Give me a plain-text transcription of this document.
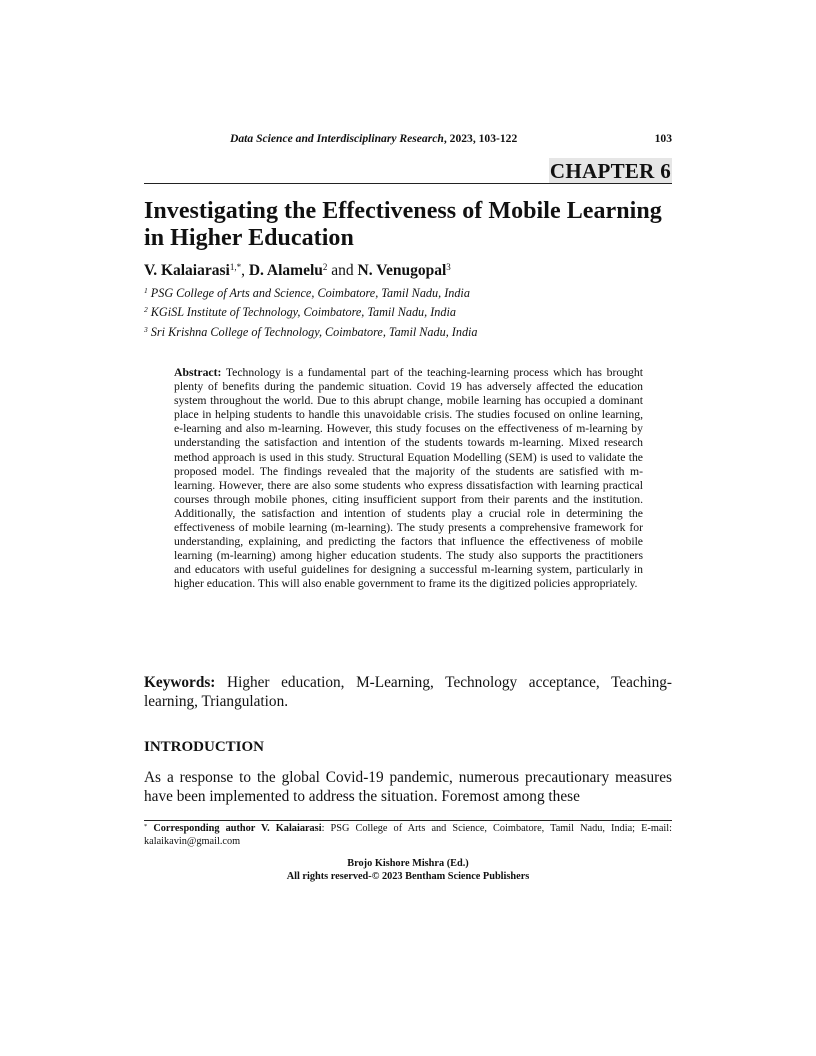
Data Science and Interdisciplinary Research, 2023, 103-122	103
CHAPTER 6
Investigating the Effectiveness of Mobile Learning
in Higher Education
V. Kalaiarasi$^{1,*}$, D. Alamelu$^2$ and N. Venugopal$^3$
$^1$ PSG College of Arts and Science, Coimbatore, Tamil Nadu, India
$^2$ KGiSL Institute of Technology, Coimbatore, Tamil Nadu, India
$^3$ Sri Krishna College of Technology, Coimbatore, Tamil Nadu, India
Abstract: Technology is a fundamental part of the teaching-learning process which has brought plenty of benefits during the pandemic situation. Covid 19 has adversely affected the education system throughout the world. Due to this abrupt change, mobile learning has occupied a dominant place in helping students to handle this unavoidable crisis. The studies focused on online learning, e-learning and also m-learning. However, this study focuses on the effectiveness of m-learning by understanding the satisfaction and intention of the students towards m-learning. Mixed research method approach is used in this study. Structural Equation Modelling (SEM) is used to validate the proposed model. The findings revealed that the majority of the students are satisfied with m-learning. However, there are also some students who express dissatisfaction with learning practical courses through mobile phones, citing insufficient support from their parents and the institution. Additionally, the satisfaction and intention of students play a crucial role in determining the effectiveness of mobile learning (m-learning). The study presents a comprehensive framework for understanding, explaining, and predicting the factors that influence the effectiveness of mobile learning (m-learning) among higher education students. The study also supports the practitioners and educators with useful guidelines for designing a successful m-learning system, particularly in higher education. This will also enable government to frame its the digitized policies appropriately.
Keywords: Higher education, M-Learning, Technology acceptance, Teaching-learning, Triangulation.
INTRODUCTION
As a response to the global Covid-19 pandemic, numerous precautionary measures have been implemented to address the situation. Foremost among these
* Corresponding author V. Kalaiarasi: PSG College of Arts and Science, Coimbatore, Tamil Nadu, India; E-mail: kalaikavin@gmail.com
Brojo Kishore Mishra (Ed.)
All rights reserved-© 2023 Bentham Science Publishers
